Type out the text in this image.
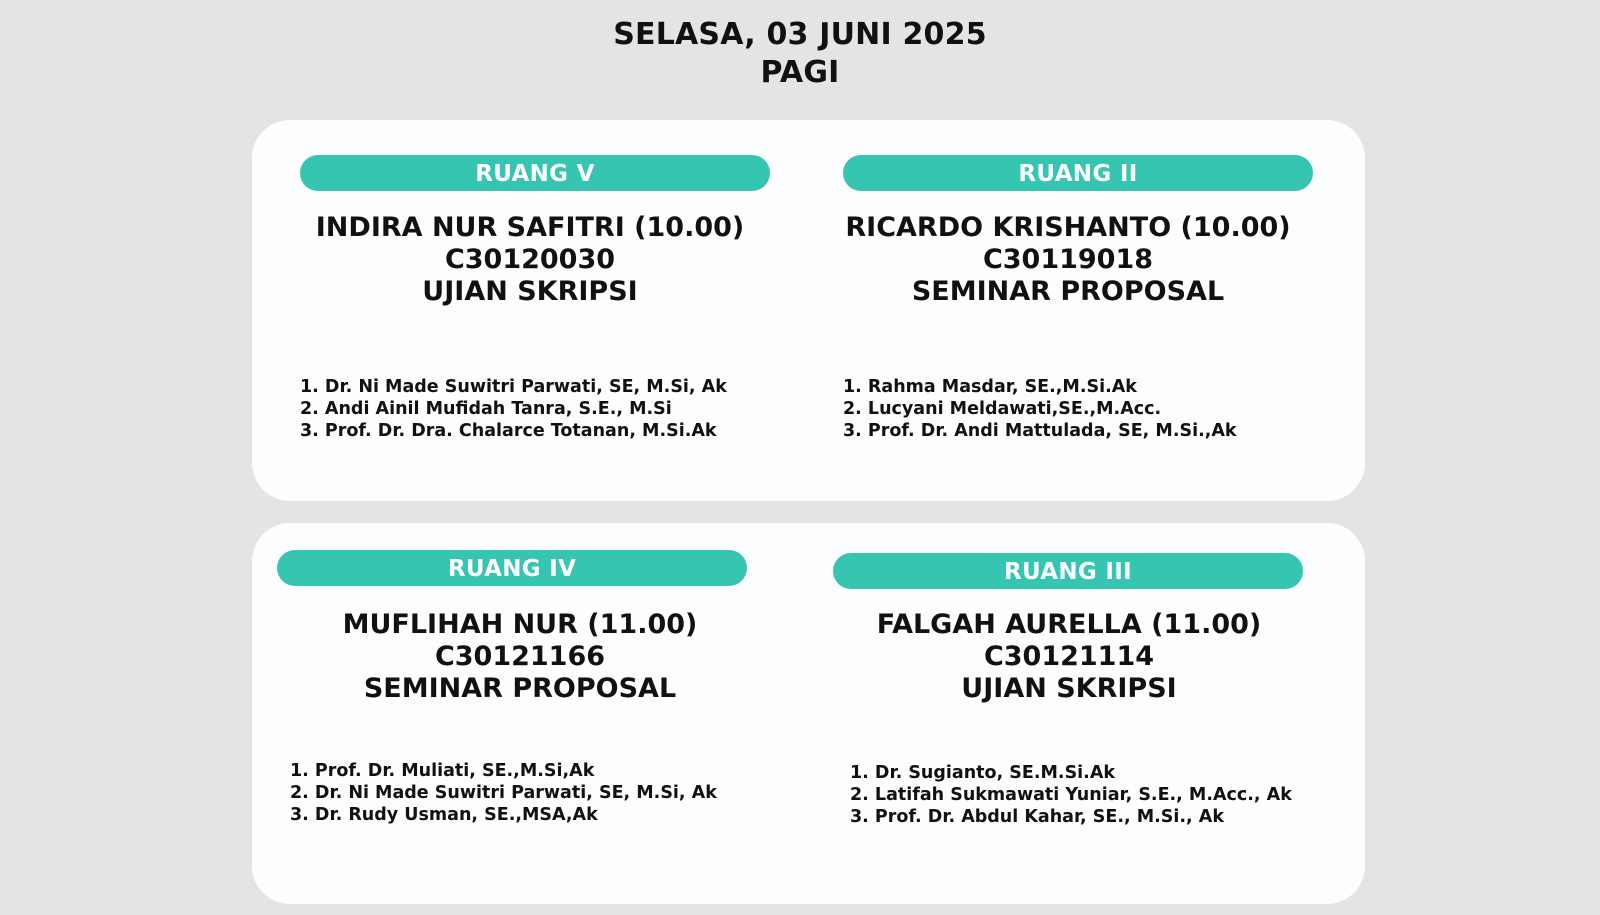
SELASA, 03 JUNI 2025
PAGI
RUANG V
INDIRA NUR SAFITRI (10.00)
C30120030
UJIAN SKRIPSI
1. Dr. Ni Made Suwitri Parwati, SE, M.Si, Ak
2. Andi Ainil Mufidah Tanra, S.E., M.Si
3. Prof. Dr. Dra. Chalarce Totanan, M.Si.Ak
RUANG II
RICARDO KRISHANTO (10.00)
C30119018
SEMINAR PROPOSAL
1. Rahma Masdar, SE.,M.Si.Ak
2. Lucyani Meldawati,SE.,M.Acc.
3. Prof. Dr. Andi Mattulada, SE, M.Si.,Ak
RUANG IV
MUFLIHAH NUR (11.00)
C30121166
SEMINAR PROPOSAL
1. Prof. Dr. Muliati, SE.,M.Si,Ak
2. Dr. Ni Made Suwitri Parwati, SE, M.Si, Ak
3. Dr. Rudy Usman, SE.,MSA,Ak
RUANG III
FALGAH AURELLA (11.00)
C30121114
UJIAN SKRIPSI
1. Dr. Sugianto, SE.M.Si.Ak
2. Latifah Sukmawati Yuniar, S.E., M.Acc., Ak
3. Prof. Dr. Abdul Kahar, SE., M.Si., Ak
